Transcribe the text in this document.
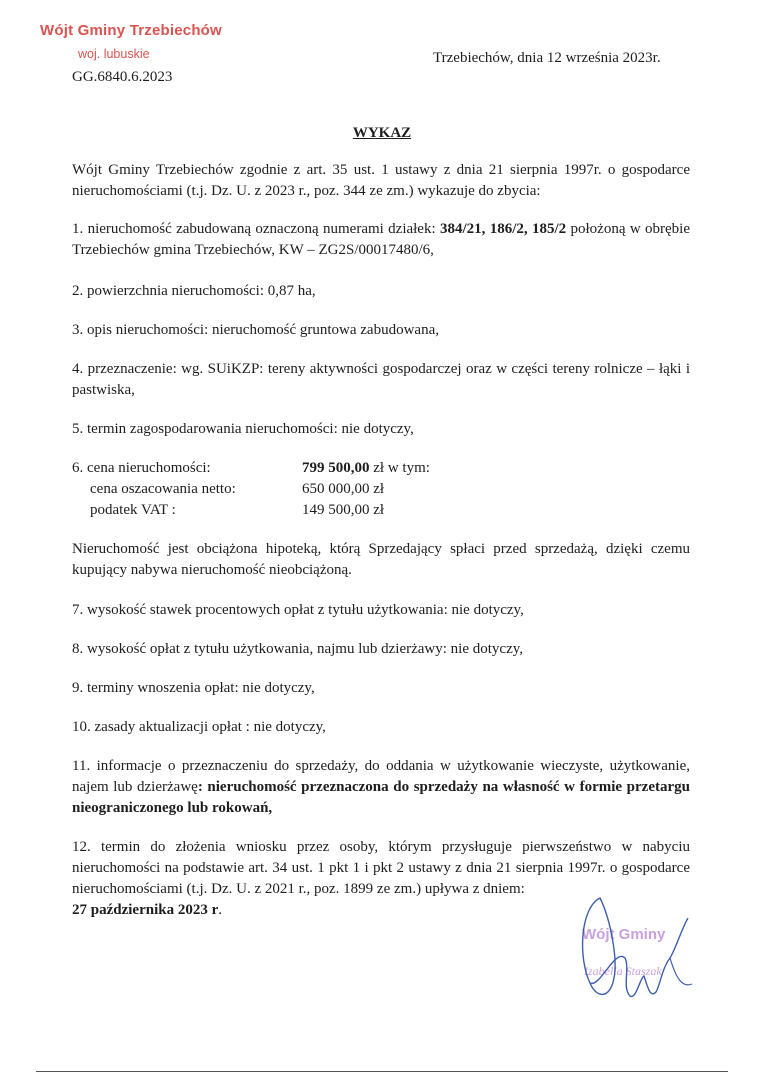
Wójt Gminy Trzebiechów
woj. lubuskie
GG.6840.6.2023
Trzebiechów, dnia 12 września 2023r.
WYKAZ

Wójt Gminy Trzebiechów zgodnie z art. 35 ust. 1 ustawy z dnia 21 sierpnia 1997r. o gospodarce nieruchomościami (t.j. Dz. U. z 2023 r., poz. 344 ze zm.) wykazuje do zbycia:

1. nieruchomość zabudowaną oznaczoną numerami działek: 384/21, 186/2, 185/2 położoną w obrębie Trzebiechów gmina Trzebiechów, KW – ZG2S/00017480/6,

2. powierzchnia nieruchomości: 0,87 ha,

3. opis nieruchomości: nieruchomość gruntowa zabudowana,

4. przeznaczenie: wg. SUiKZP: tereny aktywności gospodarczej oraz w części tereny rolnicze – łąki i pastwiska,

5. termin zagospodarowania nieruchomości: nie dotyczy,

6. cena nieruchomości:	799 500,00 zł w tym:
cena oszacowania netto:	650 000,00 zł
podatek VAT :	149 500,00 zł

Nieruchomość jest obciążona hipoteką, którą Sprzedający spłaci przed sprzedażą, dzięki czemu kupujący nabywa nieruchomość nieobciążoną.

7. wysokość stawek procentowych opłat z tytułu użytkowania: nie dotyczy,

8. wysokość opłat z tytułu użytkowania, najmu lub dzierżawy: nie dotyczy,

9. terminy wnoszenia opłat: nie dotyczy,

10. zasady aktualizacji opłat : nie dotyczy,

11. informacje o przeznaczeniu do sprzedaży, do oddania w użytkowanie wieczyste, użytkowanie, najem lub dzierżawę: nieruchomość przeznaczona do sprzedaży na własność w formie przetargu nieograniczonego lub rokowań,

12. termin do złożenia wniosku przez osoby, którym przysługuje pierwszeństwo w nabyciu nieruchomości na podstawie art. 34 ust. 1 pkt 1 i pkt 2 ustawy z dnia 21 sierpnia 1997r. o gospodarce nieruchomościami (t.j. Dz. U. z 2021 r., poz. 1899 ze zm.) upływa z dniem:
27 października 2023 r.

Wójt Gminy
Izabella Staszak
